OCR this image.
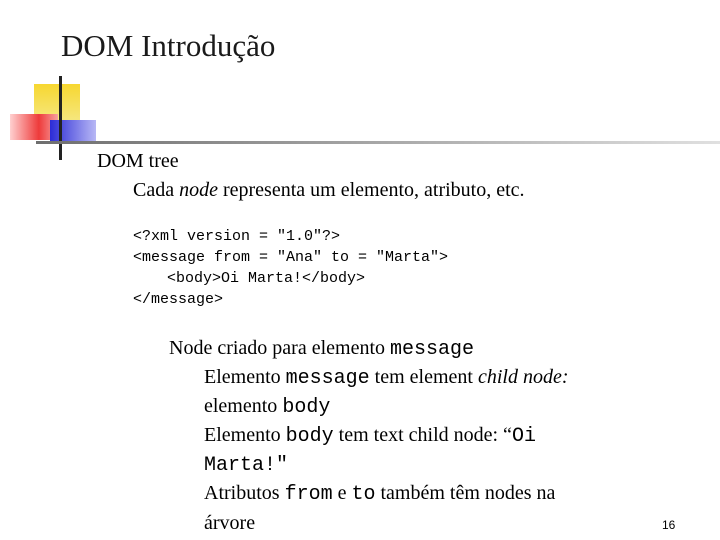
DOM Introdução
DOM tree
Cada node representa um elemento, atributo, etc.
<?xml version = "1.0"?>
<message from = ″Ana" to = ″Marta">
<body>Oi Marta!</body>
</message>
Node criado para elemento message
Elemento message tem element child node:
elemento body
Elemento body tem text child node: “Oi
Marta!"
Atributos from e to também têm nodes na
árvore	16
